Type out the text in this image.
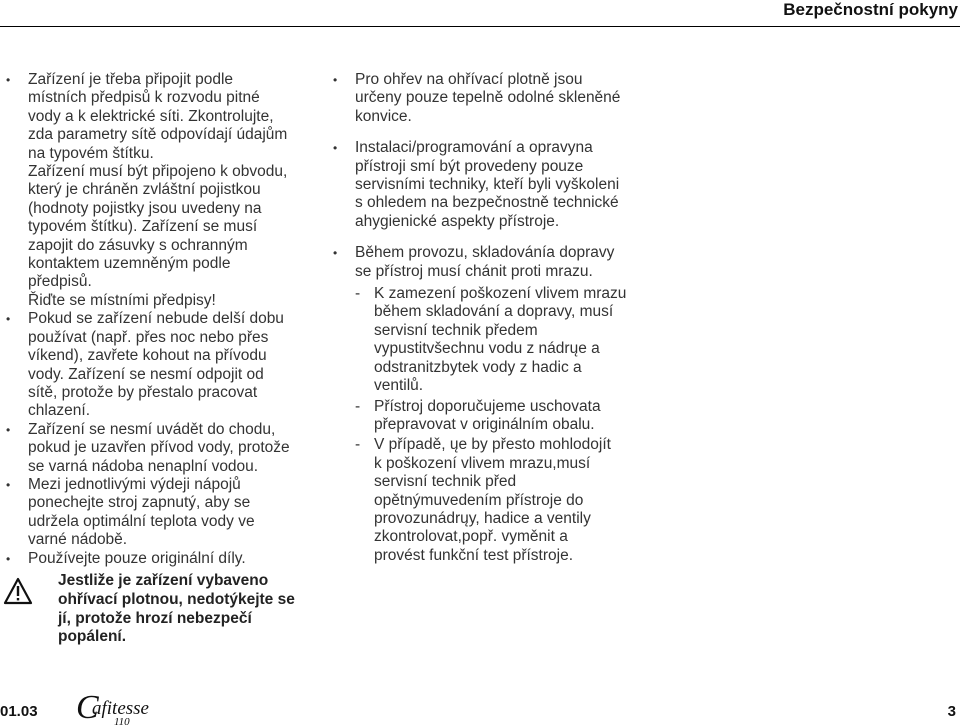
Bezpečnostní pokyny
• Zařízení je třeba připojit podle
místních předpisů k rozvodu pitné
vody a k elektrické síti. Zkontrolujte,
zda parametry sítě odpovídají údajům
na typovém štítku.
Zařízení musí být připojeno k obvodu,
který je chráněn zvláštní pojistkou
(hodnoty pojistky jsou uvedeny na
typovém štítku). Zařízení se musí
zapojit do zásuvky s ochranným
kontaktem uzemněným podle
předpisů.
Řiďte se místními předpisy!
• Pokud se zařízení nebude delší dobu
používat (např. přes noc nebo přes
víkend), zavřete kohout na přívodu
vody. Zařízení se nesmí odpojit od
sítě, protože by přestalo pracovat
chlazení.
• Zařízení se nesmí uvádět do chodu,
pokud je uzavřen přívod vody, protože
se varná nádoba nenaplní vodou.
• Mezi jednotlivými výdeji nápojů
ponechejte stroj zapnutý, aby se
udržela optimální teplota vody ve
varné nádobě.
• Používejte pouze originální díly.
Jestliže je zařízení vybaveno
ohřívací plotnou, nedotýkejte se
jí, protože hrozí nebezpečí
popálení.
• Pro ohřev na ohřívací plotně jsou
určeny pouze tepelně odolné skleněné
konvice.
• Instalaci/programování a opravyna
přístroji smí být provedeny pouze
servisními techniky, kteří byli vyškoleni
s ohledem na bezpečnostně technické
ahygienické aspekty přístroje.
• Během provozu, skladovánía dopravy
se přístroj musí chánit proti mrazu.
- K zamezení poškození vlivem mrazu
během skladování a dopravy, musí
servisní technik předem
vypustitvšechnu vodu z nádrųe a
odstranitzbytek vody z hadic a
ventilů.
- Přístroj doporučujeme uschovata
přepravovat v originálním obalu.
- V případě, ųe by přesto mohlodojít
k poškození vlivem mrazu,musí
servisní technik před
opětnýmuvedením přístroje do
provozunádrųy, hadice a ventily
zkontrolovat,popř. vyměnit a
provést funkční test přístroje.
01.03 C
afitesse
110
3
